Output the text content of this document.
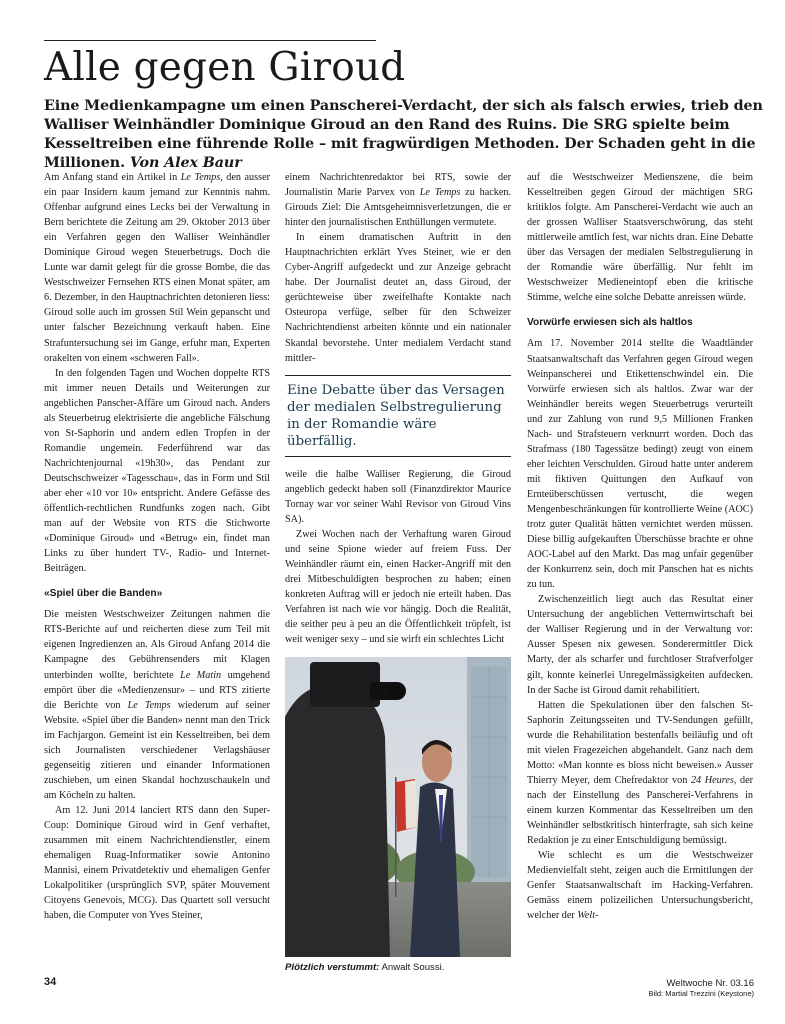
Alle gegen Giroud

Eine Medienkampagne um einen Panscherei-Verdacht, der sich als falsch erwies, trieb den Walliser Weinhändler Dominique Giroud an den Rand des Ruins. Die SRG spielte beim Kesseltreiben eine führende Rolle – mit fragwürdigen Methoden. Der Schaden geht in die Millionen. Von Alex Baur

Am Anfang stand ein Artikel in Le Temps, den ausser ein paar Insidern kaum jemand zur Kenntnis nahm. Offenbar aufgrund eines Lecks bei der Verwaltung in Bern berichtete die Zeitung am 29. Oktober 2013 über ein Verfahren gegen den Walliser Weinhändler Dominique Giroud wegen Steuerbetrugs. Doch die Lunte war damit gelegt für die grosse Bombe, die das Westschweizer Fernsehen RTS einen Monat später, am 6. Dezember, in den Hauptnachrichten detonieren liess: Giroud solle auch im grossen Stil Wein gepanscht und unter falscher Bezeichnung verkauft haben. Eine Strafuntersuchung sei im Gange, erfuhr man, Experten orakelten von einem «schweren Fall».

In den folgenden Tagen und Wochen doppelte RTS mit immer neuen Details und Weiterungen zur angeblichen Panscher-Affäre um Giroud nach. Anders als Steuerbetrug elektrisierte die angebliche Fälschung von St-Saphorin und andern edlen Tropfen in der Romandie ungemein. Federführend war das Nachrichtenjournal «19h30», das Pendant zur Deutschschweizer «Tagesschau», das in Form und Stil aber eher «10 vor 10» entspricht. Andere Gefässe des öffentlich-rechtlichen Rundfunks zogen nach. Gibt man auf der Website von RTS die Stichworte «Dominique Giroud» und «Betrug» ein, findet man Links zu über hundert TV-, Radio- und Internet-Beiträgen.

«Spiel über die Banden»

Die meisten Westschweizer Zeitungen nahmen die RTS-Berichte auf und reicherten diese zum Teil mit eigenen Ingredienzen an. Als Giroud Anfang 2014 die Kampagne des Gebührensenders mit Klagen unterbinden wollte, berichtete Le Matin umgehend empört über die «Medienzensur» – und RTS zitierte die Berichte von Le Temps wiederum auf seiner Website. «Spiel über die Banden» nennt man den Trick im Fachjargon. Gemeint ist ein Kesseltreiben, bei dem sich Journalisten verschiedener Verlagshäuser gegenseitig zitieren und einander Informationen zuschieben, um einen Skandal hochzuschaukeln und am Köcheln zu halten.

Am 12. Juni 2014 lanciert RTS dann den Super-Coup: Dominique Giroud wird in Genf verhaftet, zusammen mit einem Nachrichtendienstler, einem ehemaligen Ruag-Informatiker sowie Antonino Mannisi, einem Privatdetektiv und ehemaligen Genfer Lokalpolitiker (ursprünglich SVP, später Mouvement Citoyens Genevois, MCG). Das Quartett soll versucht haben, die Computer von Yves Steiner,

einem Nachrichtenredaktor bei RTS, sowie der Journalistin Marie Parvex von Le Temps zu hacken. Girouds Ziel: Die Amtsgeheimnisverletzungen, die er hinter den journalistischen Enthüllungen vermutete.

In einem dramatischen Auftritt in den Hauptnachrichten erklärt Yves Steiner, wie er den Cyber-Angriff aufgedeckt und zur Anzeige gebracht habe. Der Journalist deutet an, dass Giroud, der gerüchteweise über zweifelhafte Kontakte nach Osteuropa verfüge, selber für den Schweizer Nachrichtendienst arbeiten könnte und ein nationaler Skandal bevorstehe. Unter medialem Verdacht stand mittler-

Eine Debatte über das Versagen der medialen Selbstregulierung in der Romandie wäre überfällig.

weile die halbe Walliser Regierung, die Giroud angeblich gedeckt haben soll (Finanzdirektor Maurice Tornay war vor seiner Wahl Revisor von Giroud Vins SA).

Zwei Wochen nach der Verhaftung waren Giroud und seine Spione wieder auf freiem Fuss. Der Weinhändler räumt ein, einen Hacker-Angriff mit den drei Mitbeschuldigten besprochen zu haben; einen konkreten Auftrag will er jedoch nie erteilt haben. Das Verfahren ist nach wie vor hängig. Doch die Realität, die seither peu à peu an die Öffentlichkeit tröpfelt, ist weit weniger sexy – und sie wirft ein schlechtes Licht

Plötzlich verstummt: Anwalt Soussi.

auf die Westschweizer Medienszene, die beim Kesseltreiben gegen Giroud der mächtigen SRG kritiklos folgte. Am Panscherei-Verdacht wie auch an der grossen Walliser Staatsverschwörung, das steht mittlerweile amtlich fest, war nichts dran. Eine Debatte über das Versagen der medialen Selbstregulierung in der Romandie wäre überfällig. Nur fehlt im Westschweizer Medieneintopf eben die kritische Stimme, welche eine solche Debatte anreissen würde.

Vorwürfe erwiesen sich als haltlos

Am 17. November 2014 stellte die Waadtländer Staatsanwaltschaft das Verfahren gegen Giroud wegen Weinpanscherei und Etikettenschwindel ein. Die Vorwürfe erwiesen sich als haltlos. Zwar war der Weinhändler bereits wegen Steuerbetrugs verurteilt und zur Zahlung von rund 9,5 Millionen Franken Nach- und Strafsteuern verknurrt worden. Doch das Strafmass (180 Tagessätze bedingt) zeugt von einem eher leichten Verschulden. Giroud hatte unter anderem mit fiktiven Quittungen den Aufkauf von Ernteüberschüssen vertuscht, die wegen Mengenbeschränkungen für kontrollierte Weine (AOC) trotz guter Qualität hätten vernichtet werden müssen. Diese billig aufgekauften Überschüsse brachte er ohne AOC-Label auf den Markt. Das mag unfair gegenüber der Konkurrenz sein, doch mit Panschen hat es nichts zu tun.

Zwischenzeitlich liegt auch das Resultat einer Untersuchung der angeblichen Vetternwirtschaft bei der Walliser Regierung und in der Verwaltung vor: Ausser Spesen nix gewesen. Sonderermittler Dick Marty, der als scharfer und furchtloser Strafverfolger gilt, konnte keinerlei Unregelmässigkeiten aufdecken. In der Sache ist Giroud damit rehabilitiert.

Hatten die Spekulationen über den falschen St-Saphorin Zeitungsseiten und TV-Sendungen gefüllt, wurde die Rehabilitation bestenfalls beiläufig und oft mit vielen Fragezeichen abgehandelt. Ganz nach dem Motto: «Man konnte es bloss nicht beweisen.» Ausser Thierry Meyer, dem Chefredaktor von 24 Heures, der nach der Einstellung des Panscherei-Verfahrens in einem kurzen Kommentar das Kesseltreiben um den Weinhändler selbstkritisch hinterfragte, sah sich keine Redaktion je zu einer Entschuldigung bemüssigt.

Wie schlecht es um die Westschweizer Medienvielfalt steht, zeigen auch die Ermittlungen der Genfer Staatsanwaltschaft im Hacking-Verfahren. Gemäss einem polizeilichen Untersuchungsbericht, welcher der Welt-

34	Weltwoche Nr. 03.16
Bild: Martial Trezzini (Keystone)
